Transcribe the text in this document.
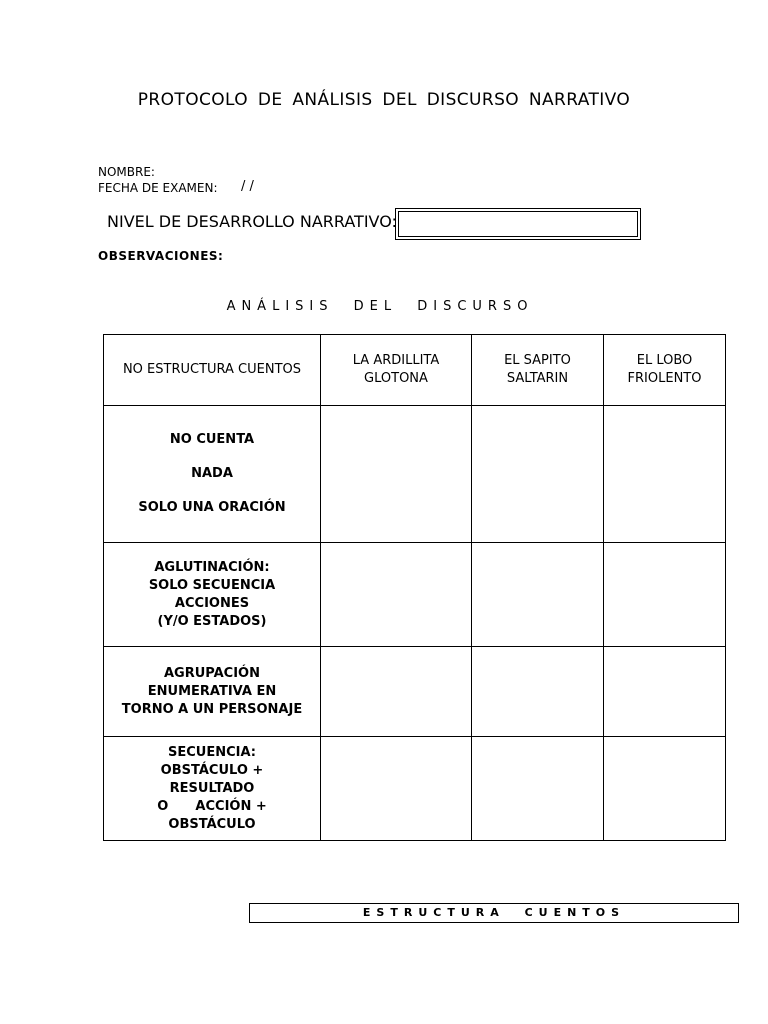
PROTOCOLO DE ANÁLISIS DEL DISCURSO NARRATIVO
NOMBRE:
FECHA DE EXAMEN: / /
NIVEL DE DESARROLLO NARRATIVO:
OBSERVACIONES:
ANÁLISIS DEL DISCURSO
NO ESTRUCTURA CUENTOS	LA ARDILLITA GLOTONA	EL SAPITO SALTARIN	EL LOBO FRIOLENTO

NO CUENTA
NADA
SOLO UNA ORACIÓN			

AGLUTINACIÓN:
SOLO SECUENCIA
ACCIONES
(Y/O ESTADOS)			

AGRUPACIÓN
ENUMERATIVA EN
TORNO A UN PERSONAJE			

SECUENCIA:
OBSTÁCULO +
RESULTADO
O      ACCIÓN +
OBSTÁCULO			

ESTRUCTURA CUENTOS
